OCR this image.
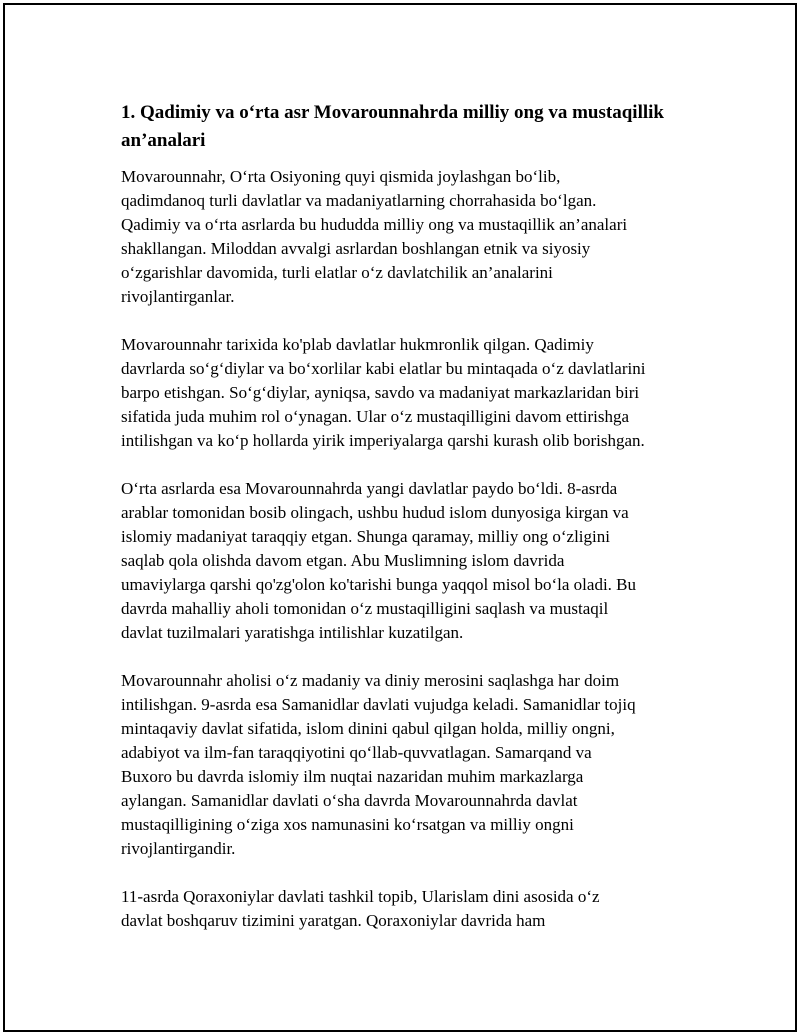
1. Qadimiy va o‘rta asr Movarounnahrda milliy ong va mustaqillik an’analari

Movarounnahr, O‘rta Osiyoning quyi qismida joylashgan bo‘lib,
qadimdanoq turli davlatlar va madaniyatlarning chorrahasida bo‘lgan.
Qadimiy va o‘rta asrlarda bu hududda milliy ong va mustaqillik an’analari
shakllangan. Miloddan avvalgi asrlardan boshlangan etnik va siyosiy
o‘zgarishlar davomida, turli elatlar o‘z davlatchilik an’analarini
rivojlantirganlar.

Movarounnahr tarixida ko'plab davlatlar hukmronlik qilgan. Qadimiy
davrlarda so‘g‘diylar va bo‘xorlilar kabi elatlar bu mintaqada o‘z davlatlarini
barpo etishgan. So‘g‘diylar, ayniqsa, savdo va madaniyat markazlaridan biri
sifatida juda muhim rol o‘ynagan. Ular o‘z mustaqilligini davom ettirishga
intilishgan va ko‘p hollarda yirik imperiyalarga qarshi kurash olib borishgan.

O‘rta asrlarda esa Movarounnahrda yangi davlatlar paydo bo‘ldi. 8-asrda
arablar tomonidan bosib olingach, ushbu hudud islom dunyosiga kirgan va
islomiy madaniyat taraqqiy etgan. Shunga qaramay, milliy ong o‘zligini
saqlab qola olishda davom etgan. Abu Muslimning islom davrida
umaviylarga qarshi qo'zg'olon ko'tarishi bunga yaqqol misol bo‘la oladi. Bu
davrda mahalliy aholi tomonidan o‘z mustaqilligini saqlash va mustaqil
davlat tuzilmalari yaratishga intilishlar kuzatilgan.

Movarounnahr aholisi o‘z madaniy va diniy merosini saqlashga har doim
intilishgan. 9-asrda esa Samanidlar davlati vujudga keladi. Samanidlar tojiq
mintaqaviy davlat sifatida, islom dinini qabul qilgan holda, milliy ongni,
adabiyot va ilm-fan taraqqiyotini qo‘llab-quvvatlagan. Samarqand va
Buxoro bu davrda islomiy ilm nuqtai nazaridan muhim markazlarga
aylangan. Samanidlar davlati o‘sha davrda Movarounnahrda davlat
mustaqilligining o‘ziga xos namunasini ko‘rsatgan va milliy ongni
rivojlantirgandir.

11-asrda Qoraxoniylar davlati tashkil topib, Ularislam dini asosida o‘z
davlat boshqaruv tizimini yaratgan. Qoraxoniylar davrida ham
